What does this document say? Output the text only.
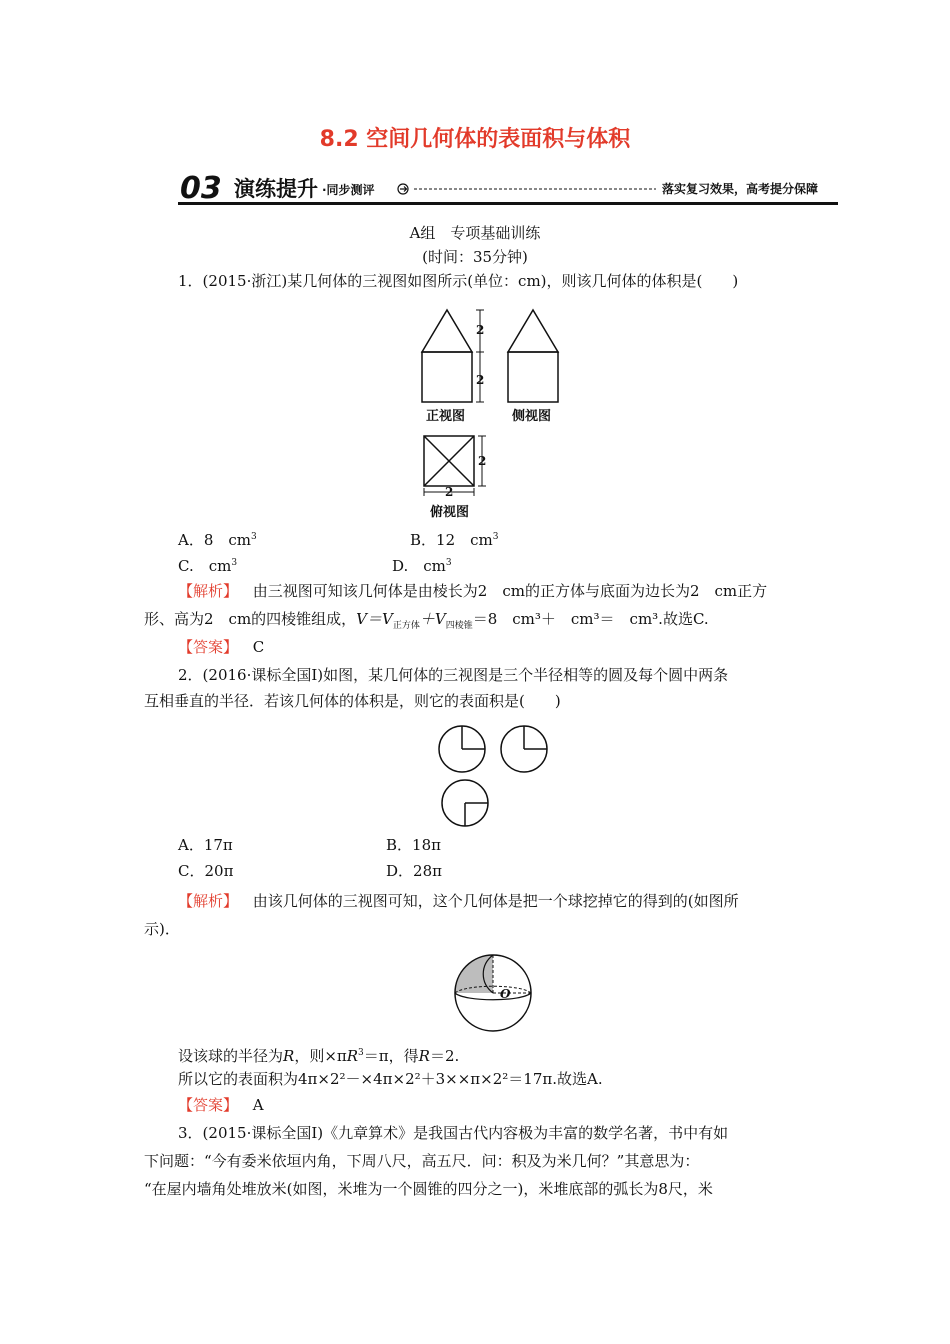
8.2 空间几何体的表面积与体积
03 演练提升 ·同步测评	落实复习效果，高考提分保障
A组　专项基础训练
(时间：35分钟)
1．(2015·浙江)某几何体的三视图如图所示(单位：cm)，则该几何体的体积是(　　)
2
2
正视图	侧视图
2
2
俯视图
A．8　$cm^3$	B．12　$cm^3$
C.　$cm^3$	D.　$cm^3$
【解析】 由三视图可知该几何体是由棱长为2　cm的正方体与底面为边长为2　cm正方
形、高为2　cm的四棱锥组成，$V=V_{正方体}+V_{四棱锥}=8$　cm³＋　cm³＝　cm³.故选C.
【答案】 C
2．(2016·课标全国Ⅰ)如图，某几何体的三视图是三个半径相等的圆及每个圆中两条
互相垂直的半径．若该几何体的体积是，则它的表面积是(　　)
A．17π	B．18π
C．20π	D．28π
【解析】 由该几何体的三视图可知，这个几何体是把一个球挖掉它的得到的(如图所
示)．
O
设该球的半径为R，则$\times\pi R^3=\pi$，得R＝2.
所以它的表面积为4π×2²－×4π×2²＋3××π×2²＝17π.故选A.
【答案】 A
3．(2015·课标全国Ⅰ)《九章算术》是我国古代内容极为丰富的数学名著，书中有如
下问题：“今有委米依垣内角，下周八尺，高五尺．问：积及为米几何？”其意思为：
“在屋内墙角处堆放米(如图，米堆为一个圆锥的四分之一)，米堆底部的弧长为8尺，米
